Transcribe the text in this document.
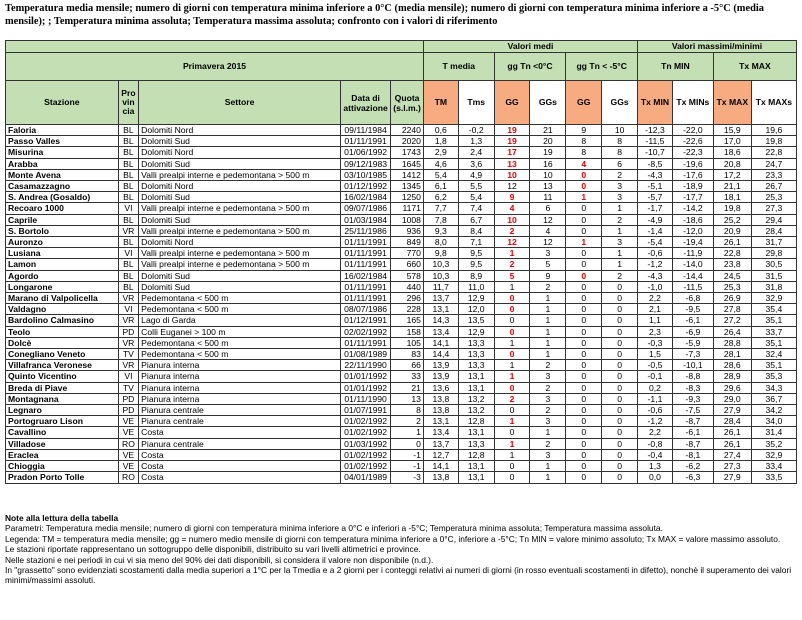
Temperatura media mensile; numero di giorni con temperatura minima inferiore a 0°C (media mensile); numero di giorni con temperatura minima inferiore a -5°C (media mensile); ; Temperatura minima assoluta; Temperatura massima assoluta; confronto con i valori di riferimento
					Valori medi						Valori massimi/minimi			
Primavera 2015					T media		gg Tn <0°C		gg Tn < -5°C		Tn MIN		Tx MAX	

Stazione	Pro vin cia	Settore	Data di attivazione	Quota (s.l.m.)	TM	Tms	GG	GGs	GG	GGs	Tx MIN	Tx MINs	Tx MAX	Tx MAXs
Faloria	BL	Dolomiti Nord	09/11/1984	2240	0,6	-0,2	19	21	9	10	-12,3	-22,0	15,9	19,6
Passo Valles	BL	Dolomiti Sud	01/11/1991	2020	1,8	1,3	19	20	8	8	-11,5	-22,6	17,0	19,8
Misurina	BL	Dolomiti Nord	01/06/1992	1743	2,9	2,4	17	19	8	8	-10,7	-22,3	18,6	22,8
Arabba	BL	Dolomiti Sud	09/12/1983	1645	4,6	3,6	13	16	4	6	-8,5	-19,6	20,8	24,7
Monte Avena	BL	Valli prealpi interne e pedemontana > 500 m	03/10/1985	1412	5,4	4,9	10	10	0	2	-4,3	-17,6	17,2	23,3
Casamazzagno	BL	Dolomiti Nord	01/12/1992	1345	6,1	5,5	12	13	0	3	-5,1	-18,9	21,1	26,7
S. Andrea (Gosaldo)	BL	Dolomiti Sud	16/02/1984	1250	6,2	5,4	9	11	1	3	-5,7	-17,7	18,1	25,3
Recoaro 1000	VI	Valli prealpi interne e pedemontana > 500 m	09/07/1986	1171	7,7	7,4	4	6	0	1	-1,7	-14,2	19,8	27,3
Caprile	BL	Dolomiti Sud	01/03/1984	1008	7,8	6,7	10	12	0	2	-4,9	-18,6	25,2	29,4
S. Bortolo	VR	Valli prealpi interne e pedemontana > 500 m	25/11/1986	936	9,3	8,4	2	4	0	1	-1,4	-12,0	20,9	28,4
Auronzo	BL	Dolomiti Nord	01/11/1991	849	8,0	7,1	12	12	1	3	-5,4	-19,4	26,1	31,7
Lusiana	VI	Valli prealpi interne e pedemontana > 500 m	01/11/1991	770	9,8	9,5	1	3	0	1	-0,6	-11,9	22,8	29,8
Lamon	BL	Valli prealpi interne e pedemontana > 500 m	01/11/1991	660	10,3	9,5	2	5	0	1	-1,2	-14,0	23,8	30,5
Agordo	BL	Dolomiti Sud	16/02/1984	578	10,3	8,9	5	9	0	2	-4,3	-14,4	24,5	31,5
Longarone	BL	Dolomiti Sud	01/11/1991	440	11,7	11,0	1	2	0	0	-1,0	-11,5	25,3	31,8
Marano di Valpolicella	VR	Pedemontana < 500 m	01/11/1991	296	13,7	12,9	0	1	0	0	2,2	-6,8	26,9	32,9
Valdagno	VI	Pedemontana < 500 m	08/07/1986	228	13,1	12,0	0	1	0	0	2,1	-9,5	27,8	35,4
Bardolino Calmasino	VR	Lago di Garda	01/12/1991	165	14,3	13,5	0	1	0	0	1,1	-6,1	27,2	35,1
Teolo	PD	Colli Euganei > 100 m	02/02/1992	158	13,4	12,9	0	1	0	0	2,3	-6,9	26,4	33,7
Dolcè	VR	Pedemontana < 500 m	01/11/1991	105	14,1	13,3	1	1	0	0	-0,3	-5,9	28,8	35,1
Conegliano Veneto	TV	Pedemontana < 500 m	01/08/1989	83	14,4	13,3	0	1	0	0	1,5	-7,3	28,1	32,4
Villafranca Veronese	VR	Pianura interna	22/11/1990	66	13,9	13,3	1	2	0	0	-0,5	-10,1	28,6	35,1
Quinto Vicentino	VI	Pianura interna	01/01/1992	33	13,9	13,1	1	3	0	0	-0,1	-8,8	28,9	35,3
Breda di Piave	TV	Pianura interna	01/01/1992	21	13,6	13,1	0	2	0	0	0,2	-8,3	29,6	34,3
Montagnana	PD	Pianura interna	01/11/1990	13	13,8	13,2	2	3	0	0	-1,1	-9,3	29,0	36,7
Legnaro	PD	Pianura centrale	01/07/1991	8	13,8	13,2	0	2	0	0	-0,6	-7,5	27,9	34,2
Portogruaro Lison	VE	Pianura centrale	01/02/1992	2	13,1	12,8	1	3	0	0	-1,2	-8,7	28,4	34,0
Cavallino	VE	Costa	01/02/1992	1	13,4	13,1	0	1	0	0	2,2	-6,1	26,1	31,4
Villadose	RO	Pianura centrale	01/03/1992	0	13,7	13,3	1	2	0	0	-0,8	-8,7	26,1	35,2
Eraclea	VE	Costa	01/02/1992	-1	12,7	12,8	1	3	0	0	-0,4	-8,1	27,4	32,9
Chioggia	VE	Costa	01/02/1992	-1	14,1	13,1	0	1	0	0	1,3	-6,2	27,3	33,4
Pradon Porto Tolle	RO	Costa	04/01/1989	-3	13,8	13,1	0	1	0	0	0,0	-6,3	27,9	33,5
Note alla lettura della tabella
Parametri: Temperatura media mensile; numero di giorni con temperatura minima inferiore a 0°C e inferiori a -5°C; Temperatura minima assoluta; Temperatura massima assoluta.
Legenda: TM = temperatura media mensile; gg = numero medio mensile di giorni con temperatura minima inferiore a 0°C, inferiore a -5°C; Tn MIN = valore minimo assoluto; Tx MAX = valore massimo assoluto.
Le stazioni riportate rappresentano un sottogruppo delle disponibili, distribuito su vari livelli altimetrici e province.
Nelle stazioni e nei periodi in cui vi sia meno del 90% dei dati disponibili, si considera il valore non disponibile (n.d.).
In "grassetto" sono evidenziati scostamenti dalla media superiori a 1°C per la Tmedia e a 2 giorni per i conteggi relativi ai numeri di giorni (in rosso eventuali scostamenti in difetto), nonchè il superamento dei valori minimi/massimi assoluti.
